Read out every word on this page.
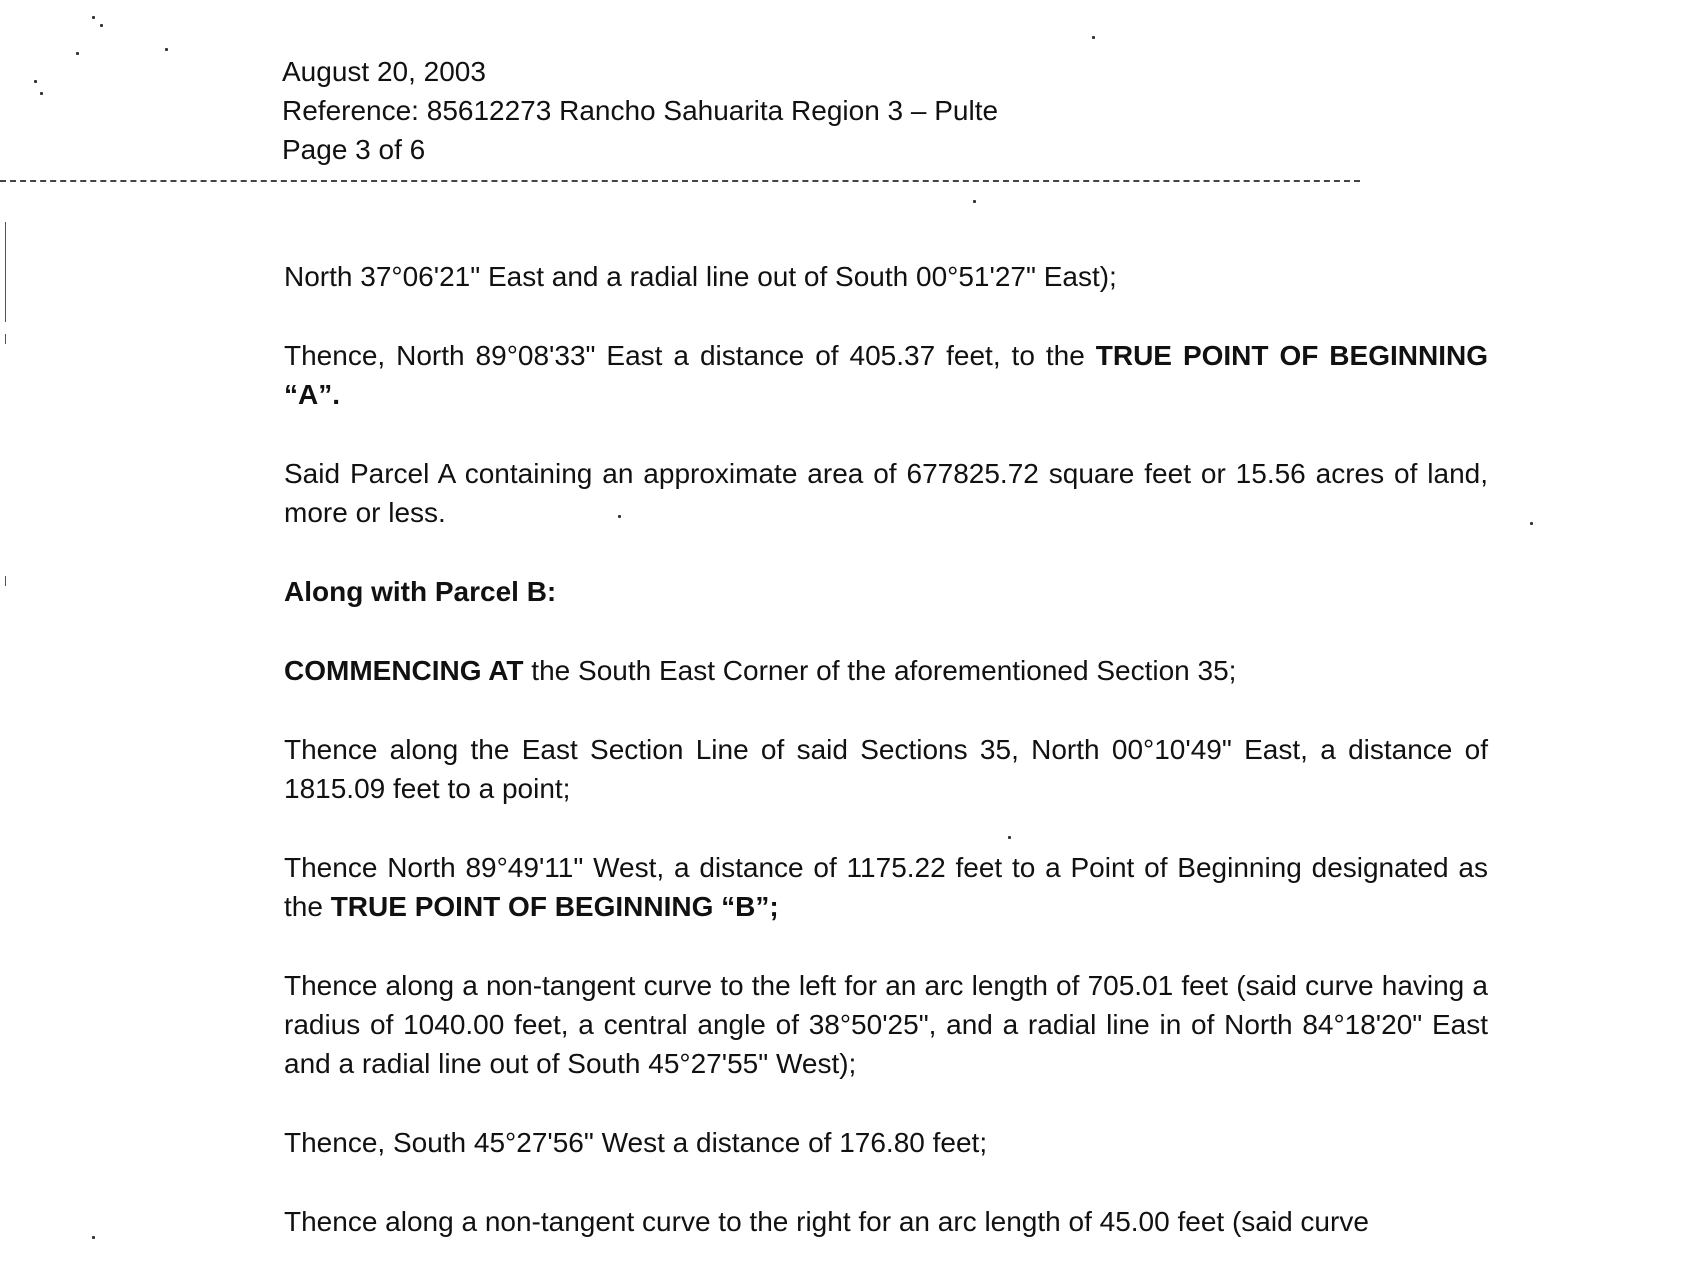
August 20, 2003
Reference: 85612273 Rancho Sahuarita Region 3 – Pulte
Page 3 of 6

North 37°06'21" East and a radial line out of South 00°51'27" East);

Thence, North 89°08'33" East a distance of 405.37 feet, to the TRUE POINT OF BEGINNING “A”.

Said Parcel A containing an approximate area of 677825.72 square feet or 15.56 acres of land, more or less.

Along with Parcel B:

COMMENCING AT the South East Corner of the aforementioned Section 35;

Thence along the East Section Line of said Sections 35, North 00°10'49" East, a distance of 1815.09 feet to a point;

Thence North 89°49'11" West, a distance of 1175.22 feet to a Point of Beginning designated as the TRUE POINT OF BEGINNING “B”;

Thence along a non-tangent curve to the left for an arc length of 705.01 feet (said curve having a radius of 1040.00 feet, a central angle of 38°50'25", and a radial line in of North 84°18'20" East and a radial line out of South 45°27'55" West);

Thence, South 45°27'56" West a distance of 176.80 feet;

Thence along a non-tangent curve to the right for an arc length of 45.00 feet (said curve
